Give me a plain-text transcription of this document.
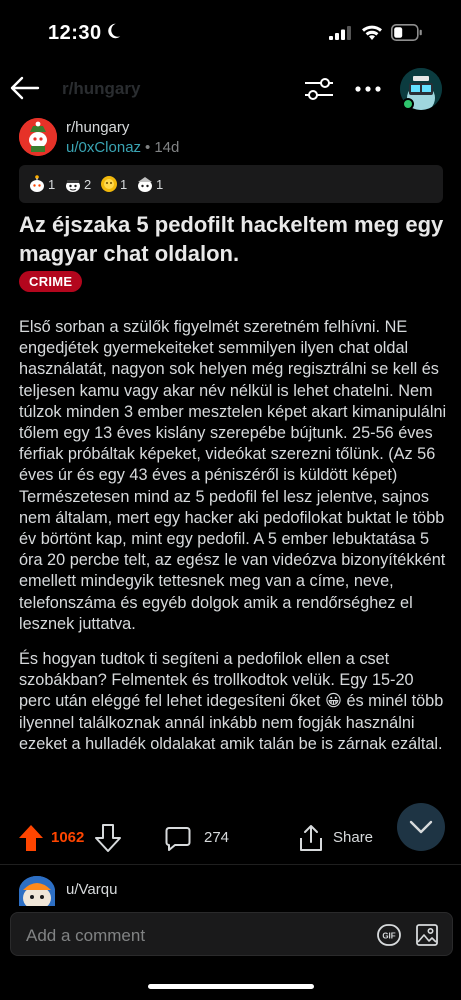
12:30
r/hungary
r/hungary
u/0xClonaz • 14d
1 2 1 1
Az éjszaka 5 pedofilt hackeltem meg egy magyar chat oldalon.
CRIME

Első sorban a szülők figyelmét szeretném felhívni. NE engedjétek gyermekeiteket semmilyen ilyen chat oldal használatát, nagyon sok helyen még regisztrálni se kell és teljesen kamu vagy akar név nélkül is lehet chatelni. Nem túlzok minden 3 ember mesztelen képet akart kimanipulálni tőlem egy 13 éves kislány szerepébe bújtunk. 25-56 éves férfiak próbáltak képeket, videókat szerezni tőlünk. (Az 56 éves úr és egy 43 éves a péniszéről is küldött képet) Természetesen mind az 5 pedofil fel lesz jelentve, sajnos nem általam, mert egy hacker aki pedofilokat buktat le több év börtönt kap, mint egy pedofil. A 5 ember lebuktatása 5 óra 20 percbe telt, az egész le van videózva bizonyítékként emellett mindegyik tettesnek meg van a címe, neve, telefonszáma és egyéb dolgok amik a rendőrséghez el lesznek juttatva.

És hogyan tudtok ti segíteni a pedofilok ellen a cset szobákban? Felmentek és trollkodtok velük. Egy 15-20 perc után eléggé fel lehet idegesíteni őket 😀 és minél több ilyennel találkoznak annál inkább nem fogják használni ezeket a hulladék oldalakat amik talán be is zárnak ezáltal.

1062	274	Share
u/Varqu
Add a comment	GIF
